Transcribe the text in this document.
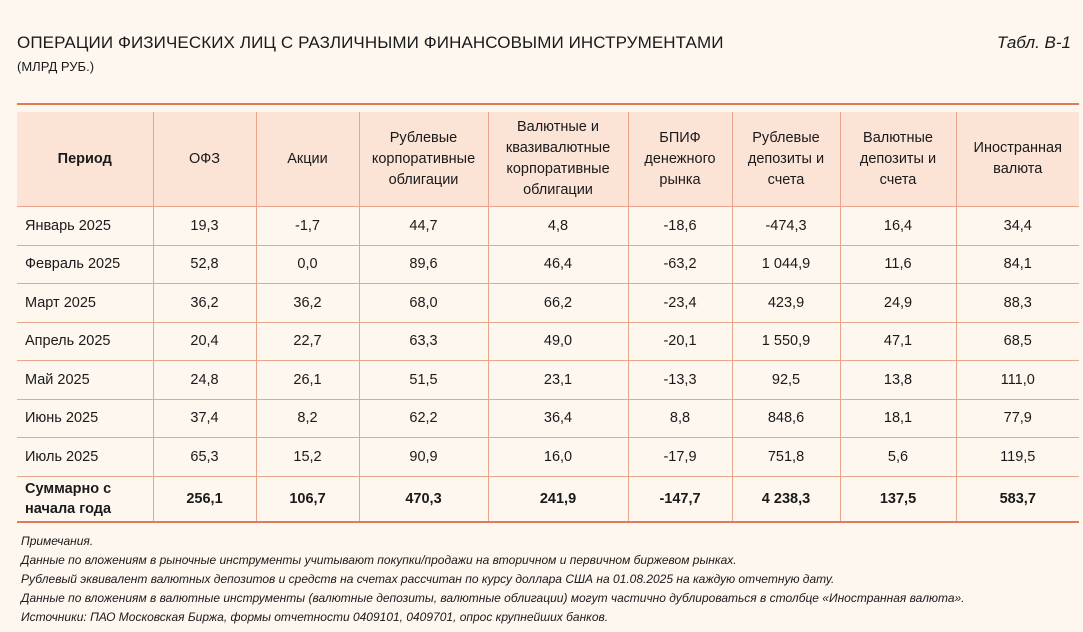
ОПЕРАЦИИ ФИЗИЧЕСКИХ ЛИЦ С РАЗЛИЧНЫМИ ФИНАНСОВЫМИ ИНСТРУМЕНТАМИ
(МЛРД РУБ.)
Табл. В-1
Период	ОФЗ	Акции	Рублевые корпоративные облигации	Валютные и квазивалютные корпоративные облигации	БПИФ денежного рынка	Рублевые депозиты и счета	Валютные депозиты и счета	Иностранная валюта
Январь 2025	19,3	-1,7	44,7	4,8	-18,6	-474,3	16,4	34,4
Февраль 2025	52,8	0,0	89,6	46,4	-63,2	1 044,9	11,6	84,1
Март 2025	36,2	36,2	68,0	66,2	-23,4	423,9	24,9	88,3
Апрель 2025	20,4	22,7	63,3	49,0	-20,1	1 550,9	47,1	68,5
Май 2025	24,8	26,1	51,5	23,1	-13,3	92,5	13,8	111,0
Июнь 2025	37,4	8,2	62,2	36,4	8,8	848,6	18,1	77,9
Июль 2025	65,3	15,2	90,9	16,0	-17,9	751,8	5,6	119,5
Суммарно с начала года	256,1	106,7	470,3	241,9	-147,7	4 238,3	137,5	583,7
Примечания.
Данные по вложениям в рыночные инструменты учитывают покупки/продажи на вторичном и первичном биржевом рынках.
Рублевый эквивалент валютных депозитов и средств на счетах рассчитан по курсу доллара США на 01.08.2025 на каждую отчетную дату.
Данные по вложениям в валютные инструменты (валютные депозиты, валютные облигации) могут частично дублироваться в столбце «Иностранная валюта».
Источники: ПАО Московская Биржа, формы отчетности 0409101, 0409701, опрос крупнейших банков.
